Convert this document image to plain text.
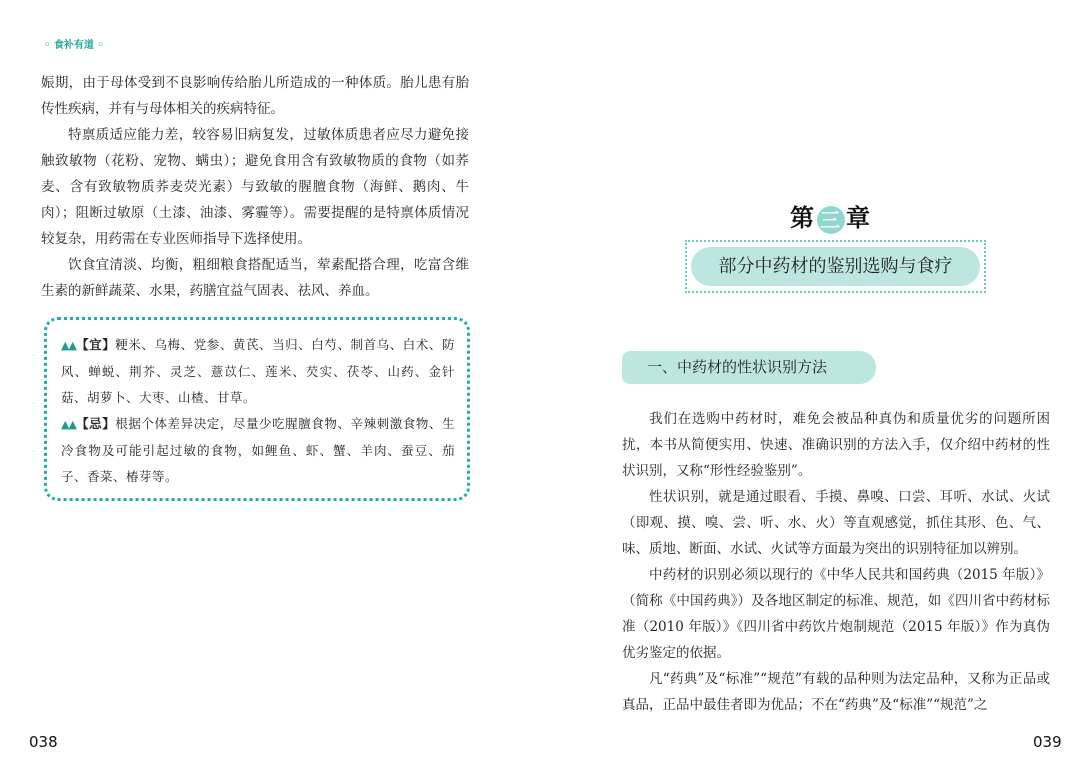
◦ 食补有道 ◦

娠期，由于母体受到不良影响传给胎儿所造成的一种体质。胎儿患有胎传性疾病，并有与母体相关的疾病特征。

特禀质适应能力差，较容易旧病复发，过敏体质患者应尽力避免接触致敏物（花粉、宠物、螨虫）；避免食用含有致敏物质的食物（如荞麦、含有致敏物质荞麦荧光素）与致敏的腥膻食物（海鲜、鹅肉、牛肉）；阻断过敏原（土漆、油漆、雾霾等）。需要提醒的是特禀体质情况较复杂，用药需在专业医师指导下选择使用。

饮食宜清淡、均衡，粗细粮食搭配适当，荤素配搭合理，吃富含维生素的新鲜蔬菜、水果，药膳宜益气固表、祛风、养血。

▲▲【宜】粳米、乌梅、党参、黄芪、当归、白芍、制首乌、白术、防风、蝉蜕、荆芥、灵芝、薏苡仁、莲米、芡实、茯苓、山药、金针菇、胡萝卜、大枣、山楂、甘草。

▲▲【忌】根据个体差异决定，尽量少吃腥膻食物、辛辣刺激食物、生冷食物及可能引起过敏的食物，如鲤鱼、虾、蟹、羊肉、蚕豆、茄子、香菜、椿芽等。

038
第 三 章
部分中药材的鉴别选购与食疗
一、中药材的性状识别方法

我们在选购中药材时，难免会被品种真伪和质量优劣的问题所困扰，本书从简便实用、快速、准确识别的方法入手，仅介绍中药材的性状识别，又称“形性经验鉴别”。

性状识别，就是通过眼看、手摸、鼻嗅、口尝、耳听、水试、火试（即观、摸、嗅、尝、听、水、火）等直观感觉，抓住其形、色、气、味、质地、断面、水试、火试等方面最为突出的识别特征加以辨别。

中药材的识别必须以现行的《中华人民共和国药典（2015 年版）》（简称《中国药典》）及各地区制定的标准、规范，如《四川省中药材标准（2010 年版）》《四川省中药饮片炮制规范（2015 年版）》作为真伪优劣鉴定的依据。

凡“药典”及“标准”“规范”有载的品种则为法定品种，又称为正品或真品，正品中最佳者即为优品；不在“药典”及“标准”“规范”之

039
